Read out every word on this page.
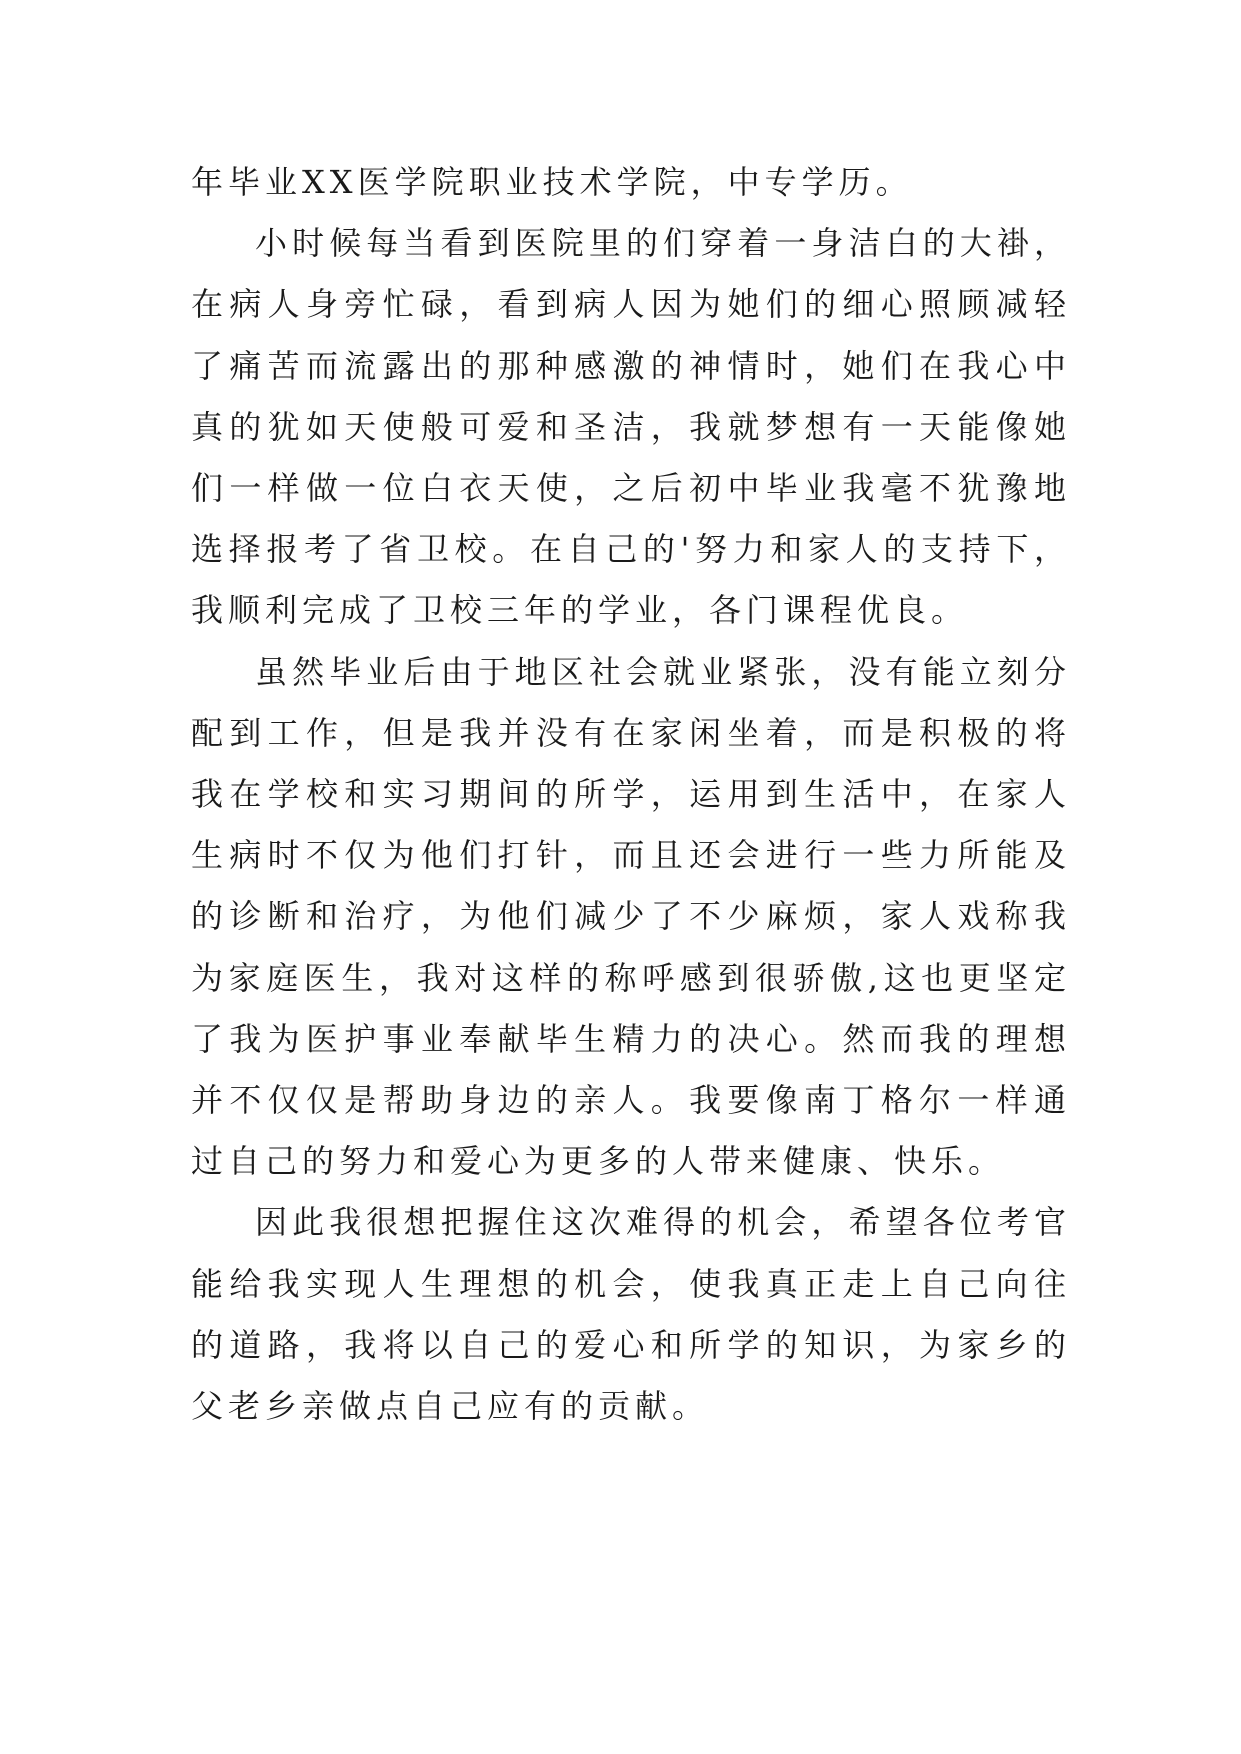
年毕业XX医学院职业技术学院，中专学历。

小时候每当看到医院里的们穿着一身洁白的大褂，在病人身旁忙碌，看到病人因为她们的细心照顾减轻了痛苦而流露出的那种感激的神情时，她们在我心中真的犹如天使般可爱和圣洁，我就梦想有一天能像她们一样做一位白衣天使，之后初中毕业我毫不犹豫地选择报考了省卫校。在自己的'努力和家人的支持下，我顺利完成了卫校三年的学业，各门课程优良。

虽然毕业后由于地区社会就业紧张，没有能立刻分配到工作，但是我并没有在家闲坐着，而是积极的将我在学校和实习期间的所学，运用到生活中，在家人生病时不仅为他们打针，而且还会进行一些力所能及的诊断和治疗，为他们减少了不少麻烦，家人戏称我为家庭医生，我对这样的称呼感到很骄傲,这也更坚定了我为医护事业奉献毕生精力的决心。然而我的理想并不仅仅是帮助身边的亲人。我要像南丁格尔一样通过自己的努力和爱心为更多的人带来健康、快乐。

因此我很想把握住这次难得的机会，希望各位考官能给我实现人生理想的机会，使我真正走上自己向往的道路，我将以自己的爱心和所学的知识，为家乡的父老乡亲做点自己应有的贡献。
